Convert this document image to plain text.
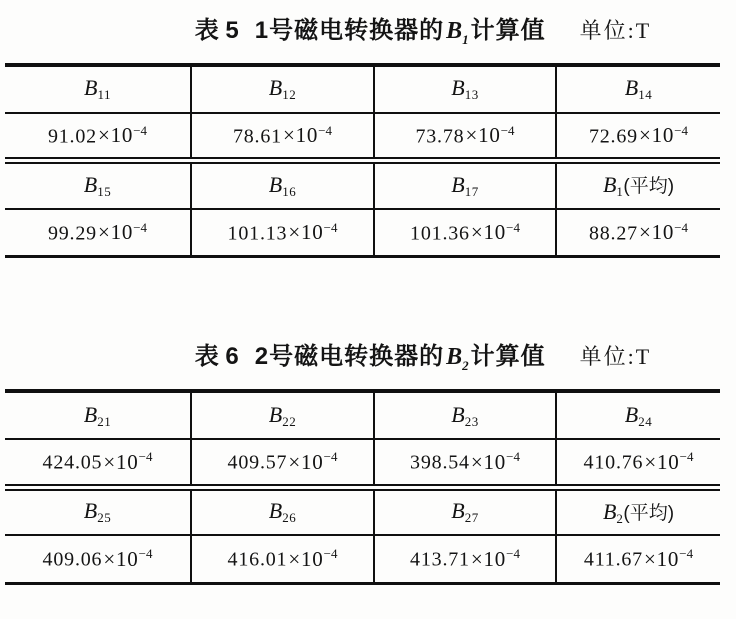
表 5 1号磁电转换器的 $B_1$ 计算值 单位:T
$B_{11}$	$B_{12}$	$B_{13}$	$B_{14}$
$91.02\times 10^{-4}$	$78.61\times 10^{-4}$	$73.78\times 10^{-4}$	$72.69\times 10^{-4}$
$B_{15}$	$B_{16}$	$B_{17}$	$B_1$(平均)
$99.29\times 10^{-4}$	$101.13\times 10^{-4}$	$101.36\times 10^{-4}$	$88.27\times 10^{-4}$
表 6 2号磁电转换器的 $B_2$ 计算值 单位:T
$B_{21}$	$B_{22}$	$B_{23}$	$B_{24}$
$424.05\times 10^{-4}$	$409.57\times 10^{-4}$	$398.54\times 10^{-4}$	$410.76\times 10^{-4}$
$B_{25}$	$B_{26}$	$B_{27}$	$B_2$(平均)
$409.06\times 10^{-4}$	$416.01\times 10^{-4}$	$413.71\times 10^{-4}$	$411.67\times 10^{-4}$
